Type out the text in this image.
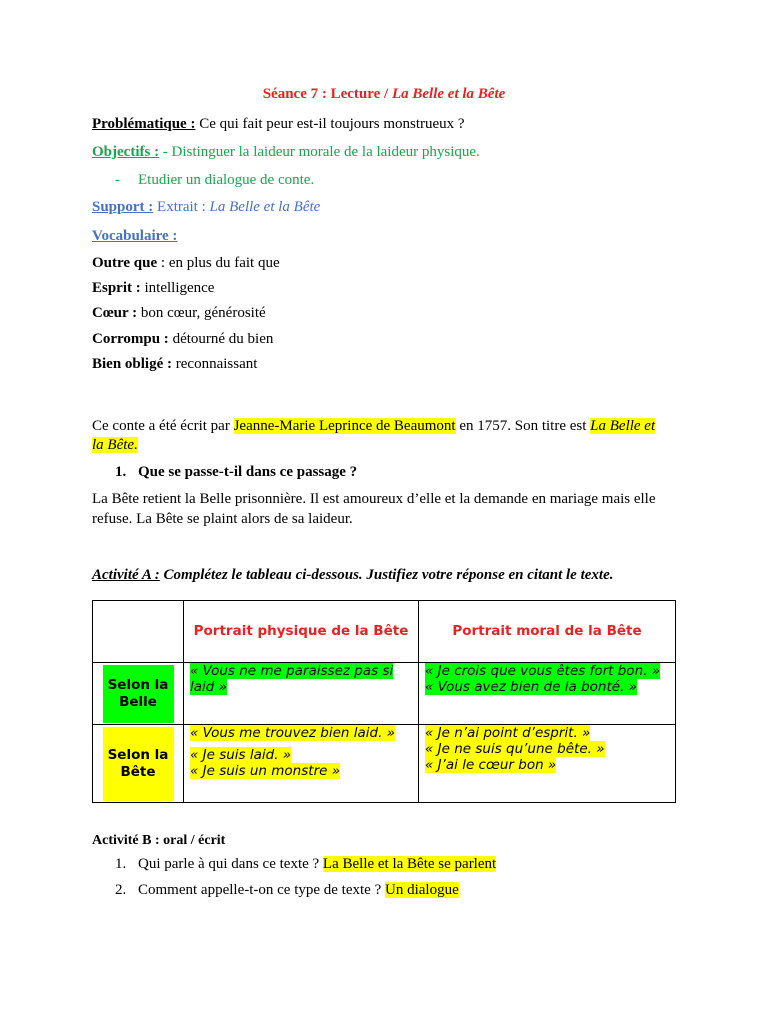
Séance 7 : Lecture / La Belle et la Bête
Problématique : Ce qui fait peur est-il toujours monstrueux ?
Objectifs : - Distinguer la laideur morale de la laideur physique.
- Etudier un dialogue de conte.
Support : Extrait : La Belle et la Bête
Vocabulaire :
Outre que : en plus du fait que
Esprit : intelligence
Cœur : bon cœur, générosité
Corrompu : détourné du bien
Bien obligé : reconnaissant
Ce conte a été écrit par Jeanne-Marie Leprince de Beaumont en 1757. Son titre est La Belle et
la Bête.
1. Que se passe-t-il dans ce passage ?
La Bête retient la Belle prisonnière. Il est amoureux d’elle et la demande en mariage mais elle
refuse. La Bête se plaint alors de sa laideur.
Activité A : Complétez le tableau ci-dessous. Justifiez votre réponse en citant le texte.
	Portrait physique de la Bête	Portrait moral de la Bête
Selon la Belle	« Vous ne me paraissez pas si laid »	« Je crois que vous êtes fort bon. »
« Vous avez bien de la bonté. »
Selon la Bête	« Vous me trouvez bien laid. »
« Je suis laid. »
« Je suis un monstre »	« Je n’ai point d’esprit. »
« Je ne suis qu’une bête. »
« J’ai le cœur bon »
Activité B : oral / écrit
1. Qui parle à qui dans ce texte ? La Belle et la Bête se parlent
2. Comment appelle-t-on ce type de texte ? Un dialogue
